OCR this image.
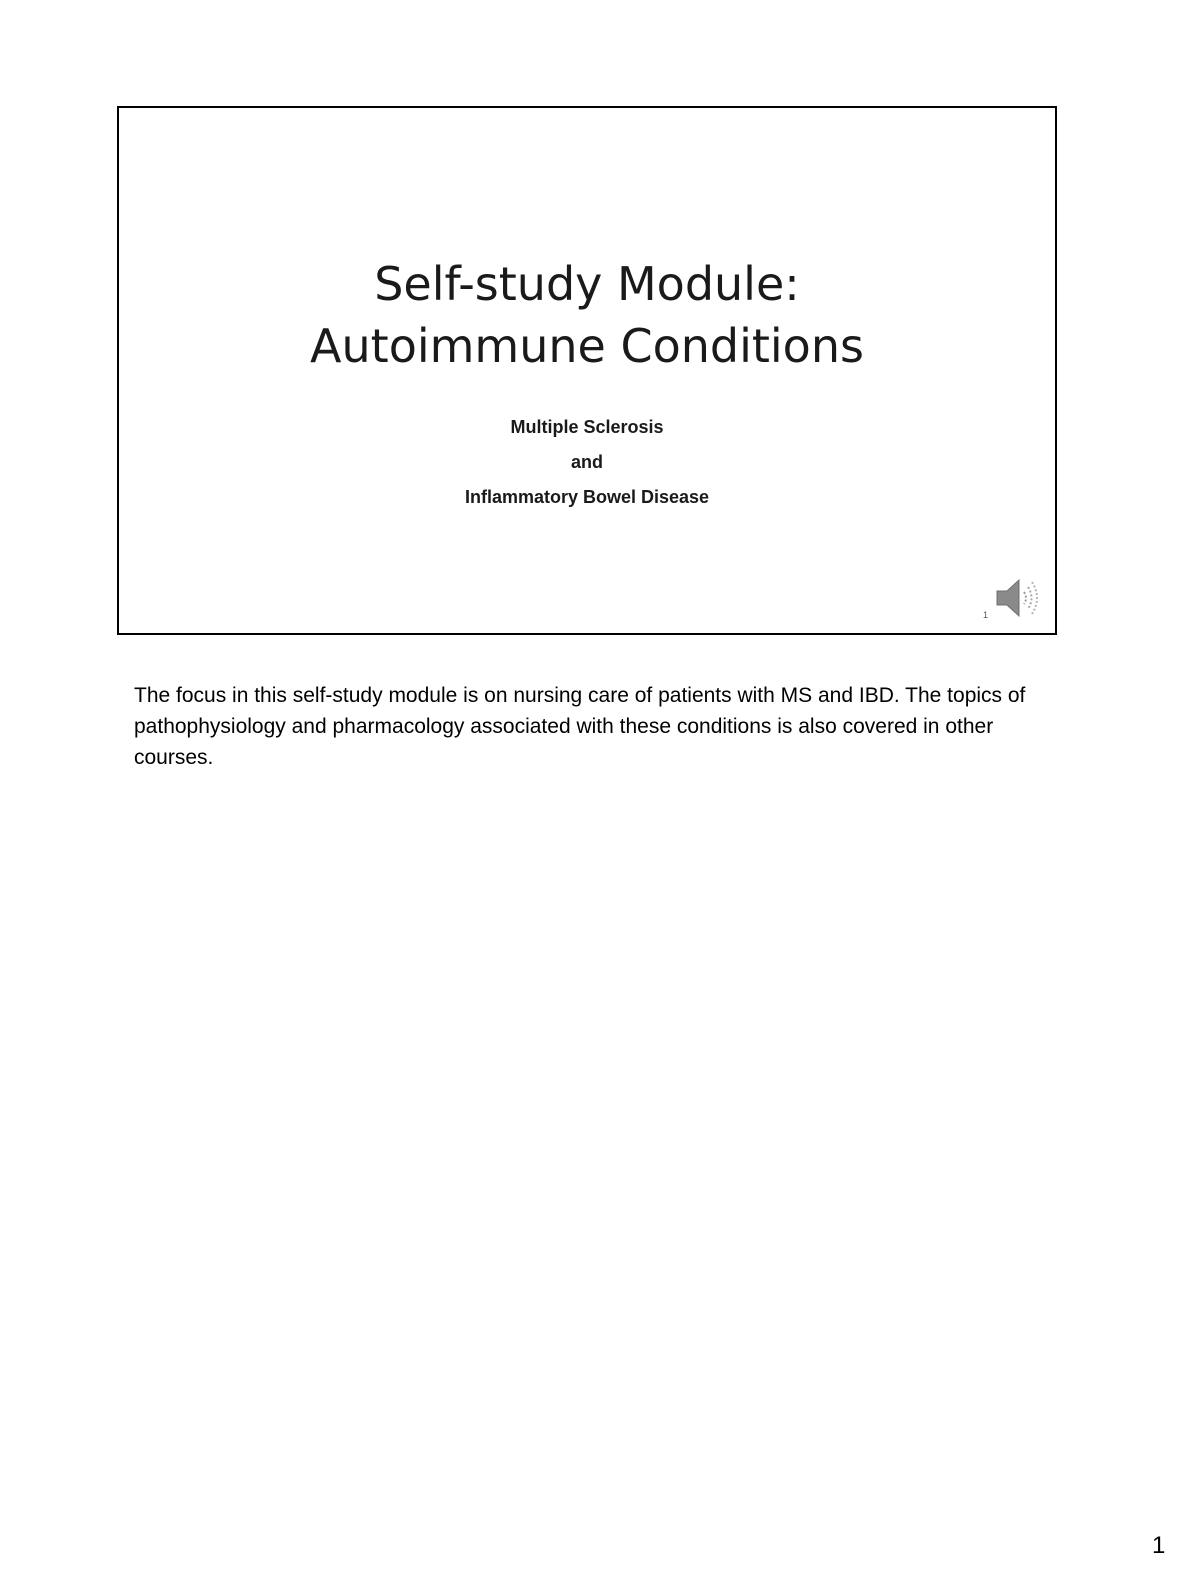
Self-study Module:
Autoimmune Conditions
Multiple Sclerosis
and
Inflammatory Bowel Disease
1
The focus in this self-study module is on nursing care of patients with MS and IBD. The topics of pathophysiology and pharmacology associated with these conditions is also covered in other courses.
1
